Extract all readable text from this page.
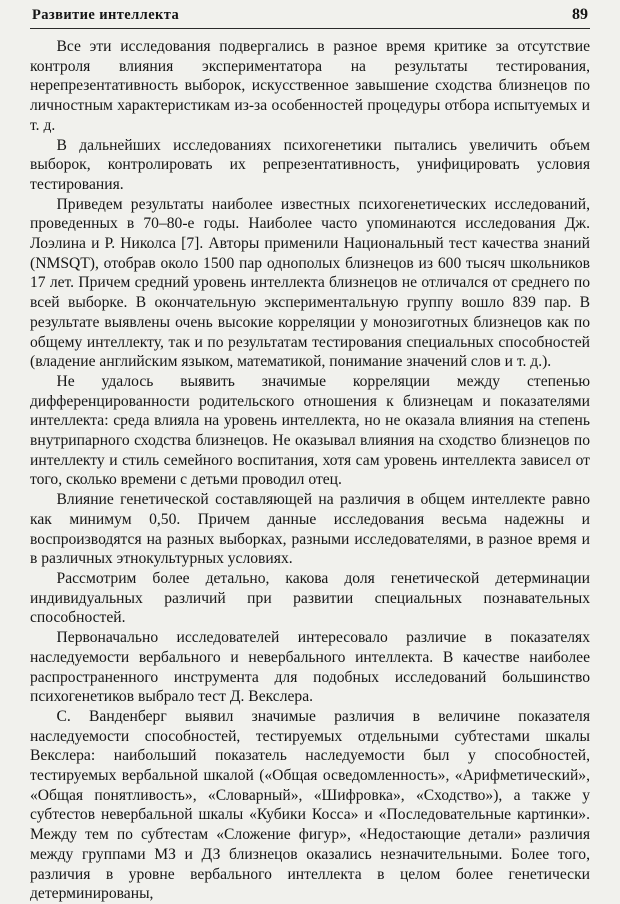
Развитие интеллекта	89

Все эти исследования подвергались в разное время критике за отсутствие контроля влияния экспериментатора на результаты тестирования, нерепрезентативность выборок, искусственное завышение сходства близнецов по личностным характеристикам из-за особенностей процедуры отбора испытуемых и т. д.

В дальнейших исследованиях психогенетики пытались увеличить объем выборок, контролировать их репрезентативность, унифицировать условия тестирования.

Приведем результаты наиболее известных психогенетических исследований, проведенных в 70–80-е годы. Наиболее часто упоминаются исследования Дж. Лоэлина и Р. Николса [7]. Авторы применили Национальный тест качества знаний (NMSQT), отобрав около 1500 пар однополых близнецов из 600 тысяч школьников 17 лет. Причем средний уровень интеллекта близнецов не отличался от среднего по всей выборке. В окончательную экспериментальную группу вошло 839 пар. В результате выявлены очень высокие корреляции у монозиготных близнецов как по общему интеллекту, так и по результатам тестирования специальных способностей (владение английским языком, математикой, понимание значений слов и т. д.).

Не удалось выявить значимые корреляции между степенью дифференцированности родительского отношения к близнецам и показателями интеллекта: среда влияла на уровень интеллекта, но не оказала влияния на степень внутрипарного сходства близнецов. Не оказывал влияния на сходство близнецов по интеллекту и стиль семейного воспитания, хотя сам уровень интеллекта зависел от того, сколько времени с детьми проводил отец.

Влияние генетической составляющей на различия в общем интеллекте равно как минимум 0,50. Причем данные исследования весьма надежны и воспроизводятся на разных выборках, разными исследователями, в разное время и в различных этнокультурных условиях.

Рассмотрим более детально, какова доля генетической детерминации индивидуальных различий при развитии специальных познавательных способностей.

Первоначально исследователей интересовало различие в показателях наследуемости вербального и невербального интеллекта. В качестве наиболее распространенного инструмента для подобных исследований большинство психогенетиков выбрало тест Д. Векслера.

С. Ванденберг выявил значимые различия в величине показателя наследуемости способностей, тестируемых отдельными субтестами шкалы Векслера: наибольший показатель наследуемости был у способностей, тестируемых вербальной шкалой («Общая осведомленность», «Арифметический», «Общая понятливость», «Словарный», «Шифровка», «Сходство»), а также у субтестов невербальной шкалы «Кубики Косса» и «Последовательные картинки». Между тем по субтестам «Сложение фигур», «Недостающие детали» различия между группами МЗ и ДЗ близнецов оказались незначительными. Более того, различия в уровне вербального интеллекта в целом более генетически детерминированы,
